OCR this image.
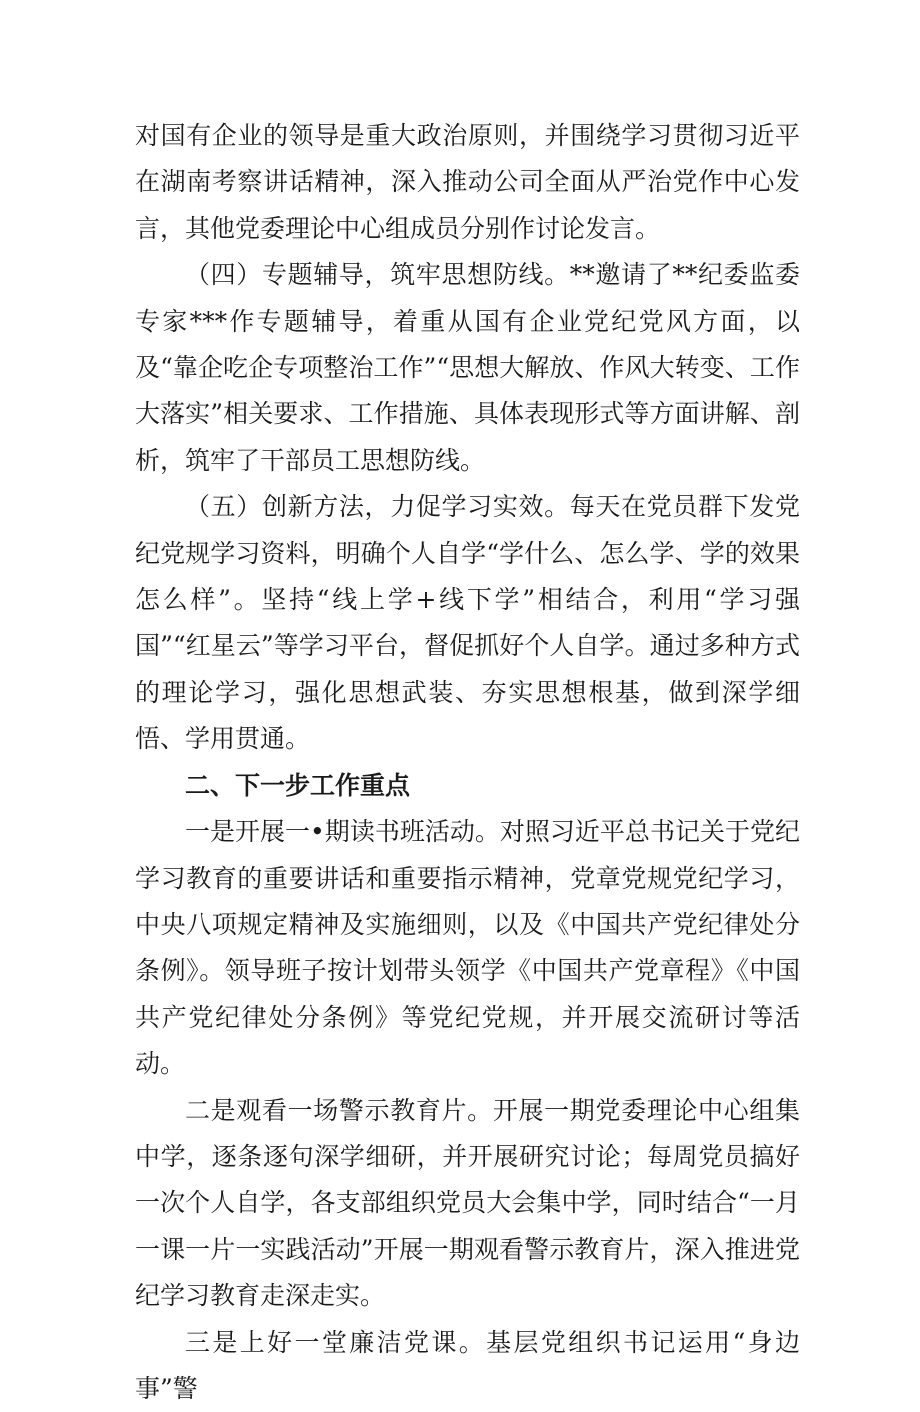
对国有企业的领导是重大政治原则，并围绕学习贯彻习近平在湖南考察讲话精神，深入推动公司全面从严治党作中心发言，其他党委理论中心组成员分别作讨论发言。

（四）专题辅导，筑牢思想防线。**邀请了**纪委监委专家***作专题辅导，着重从国有企业党纪党风方面，以及“靠企吃企专项整治工作”“思想大解放、作风大转变、工作大落实”相关要求、工作措施、具体表现形式等方面讲解、剖析，筑牢了干部员工思想防线。

（五）创新方法，力促学习实效。每天在党员群下发党纪党规学习资料，明确个人自学“学什么、怎么学、学的效果怎么样”。坚持“线上学+线下学”相结合，利用“学习强国”“红星云”等学习平台，督促抓好个人自学。通过多种方式的理论学习，强化思想武装、夯实思想根基，做到深学细悟、学用贯通。

二、下一步工作重点

一是开展一•期读书班活动。对照习近平总书记关于党纪学习教育的重要讲话和重要指示精神，党章党规党纪学习，中央八项规定精神及实施细则，以及《中国共产党纪律处分条例》。领导班子按计划带头领学《中国共产党章程》《中国共产党纪律处分条例》等党纪党规，并开展交流研讨等活动。

二是观看一场警示教育片。开展一期党委理论中心组集中学，逐条逐句深学细研，并开展研究讨论；每周党员搞好一次个人自学，各支部组织党员大会集中学，同时结合“一月一课一片一实践活动”开展一期观看警示教育片，深入推进党纪学习教育走深走实。

三是上好一堂廉洁党课。基层党组织书记运用“身边事”警
